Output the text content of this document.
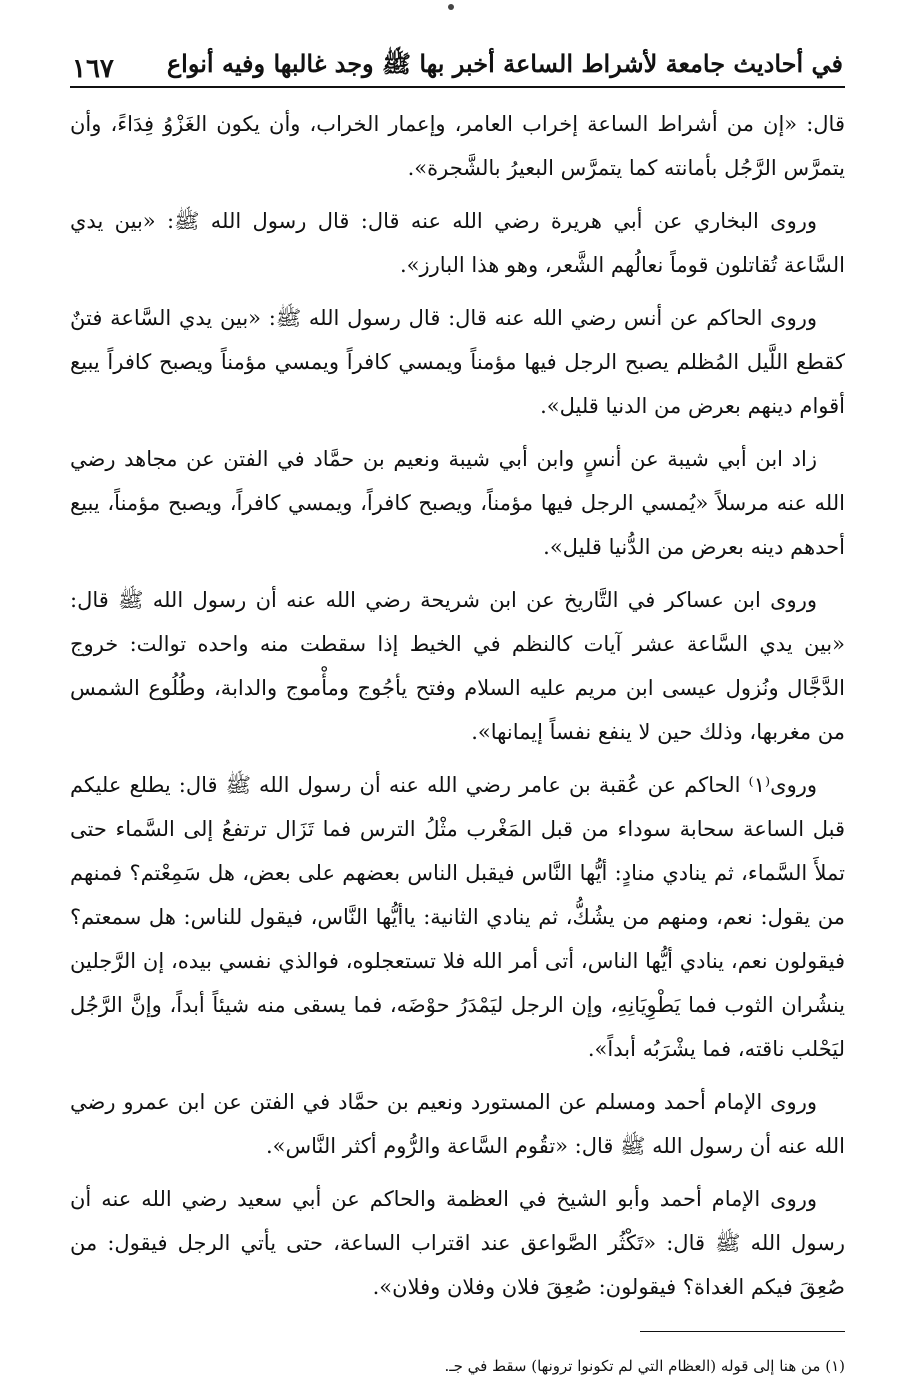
في أحاديث جامعة لأشراط الساعة أخبر بها ﷺ وجد غالبها وفيه أنواع
١٦٧

قال: «إن من أشراط الساعة إخراب العامر، وإعمار الخراب، وأن يكون الغَزْوُ فِدَاءً، وأن يتمرَّس الرَّجُل بأمانته كما يتمرَّس البعيرُ بالشَّجرة».

وروى البخاري عن أبي هريرة رضي الله عنه قال: قال رسول الله ﷺ: «بين يدي السَّاعة تُقاتلون قوماً نعالُهم الشَّعر، وهو هذا البارز».

وروى الحاكم عن أنس رضي الله عنه قال: قال رسول الله ﷺ: «بين يدي السَّاعة فتنٌ كقطع اللَّيل المُظلم يصبح الرجل فيها مؤمناً ويمسي كافراً ويمسي مؤمناً ويصبح كافراً يبيع أقوام دينهم بعرض من الدنيا قليل».

زاد ابن أبي شيبة عن أنسٍ وابن أبي شيبة ونعيم بن حمَّاد في الفتن عن مجاهد رضي الله عنه مرسلاً «يُمسي الرجل فيها مؤمناً، ويصبح كافراً، ويمسي كافراً، ويصبح مؤمناً، يبيع أحدهم دينه بعرض من الدُّنيا قليل».

وروى ابن عساكر في التَّاريخ عن ابن شريحة رضي الله عنه أن رسول الله ﷺ قال: «بين يدي السَّاعة عشر آيات كالنظم في الخيط إذا سقطت منه واحده توالت: خروج الدَّجَّال ونُزول عيسى ابن مريم عليه السلام وفتح يأجُوج ومأْموج والدابة، وطُلُوع الشمس من مغربها، وذلك حين لا ينفع نفساً إيمانها».

وروى⁽١⁾ الحاكم عن عُقبة بن عامر رضي الله عنه أن رسول الله ﷺ قال: يطلع عليكم قبل الساعة سحابة سوداء من قبل المَغْرب مثْلُ الترس فما تَزَال ترتفعُ إلى السَّماء حتى تملأَ السَّماء، ثم ينادي منادٍ: أيُّها النَّاس فيقبل الناس بعضهم على بعض، هل سَمِعْتم؟ فمنهم من يقول: نعم، ومنهم من يشُكُّ، ثم ينادي الثانية: ياأيُّها النَّاس، فيقول للناس: هل سمعتم؟ فيقولون نعم، ينادي أيُّها الناس، أتى أمر الله فلا تستعجلوه، فوالذي نفسي بيده، إن الرَّجلين ينشُران الثوب فما يَطْوِيَانِهِ، وإن الرجل ليَمْدَرُ حوْضَه، فما يسقى منه شيئاً أبداً، وإنَّ الرَّجُل ليَحْلب ناقته، فما يشْرَبُه أبداً».

وروى الإمام أحمد ومسلم عن المستورد ونعيم بن حمَّاد في الفتن عن ابن عمرو رضي الله عنه أن رسول الله ﷺ قال: «تقُوم السَّاعة والرُّوم أكثر النَّاس».

وروى الإمام أحمد وأبو الشيخ في العظمة والحاكم عن أبي سعيد رضي الله عنه أن رسول الله ﷺ قال: «تَكْثُر الصَّواعق عند اقتراب الساعة، حتى يأتي الرجل فيقول: من صُعِقَ فيكم الغداة؟ فيقولون: صُعِقَ فلان وفلان وفلان».

(١) من هنا إلى قوله (العظام التي لم تكونوا ترونها) سقط في جـ.
